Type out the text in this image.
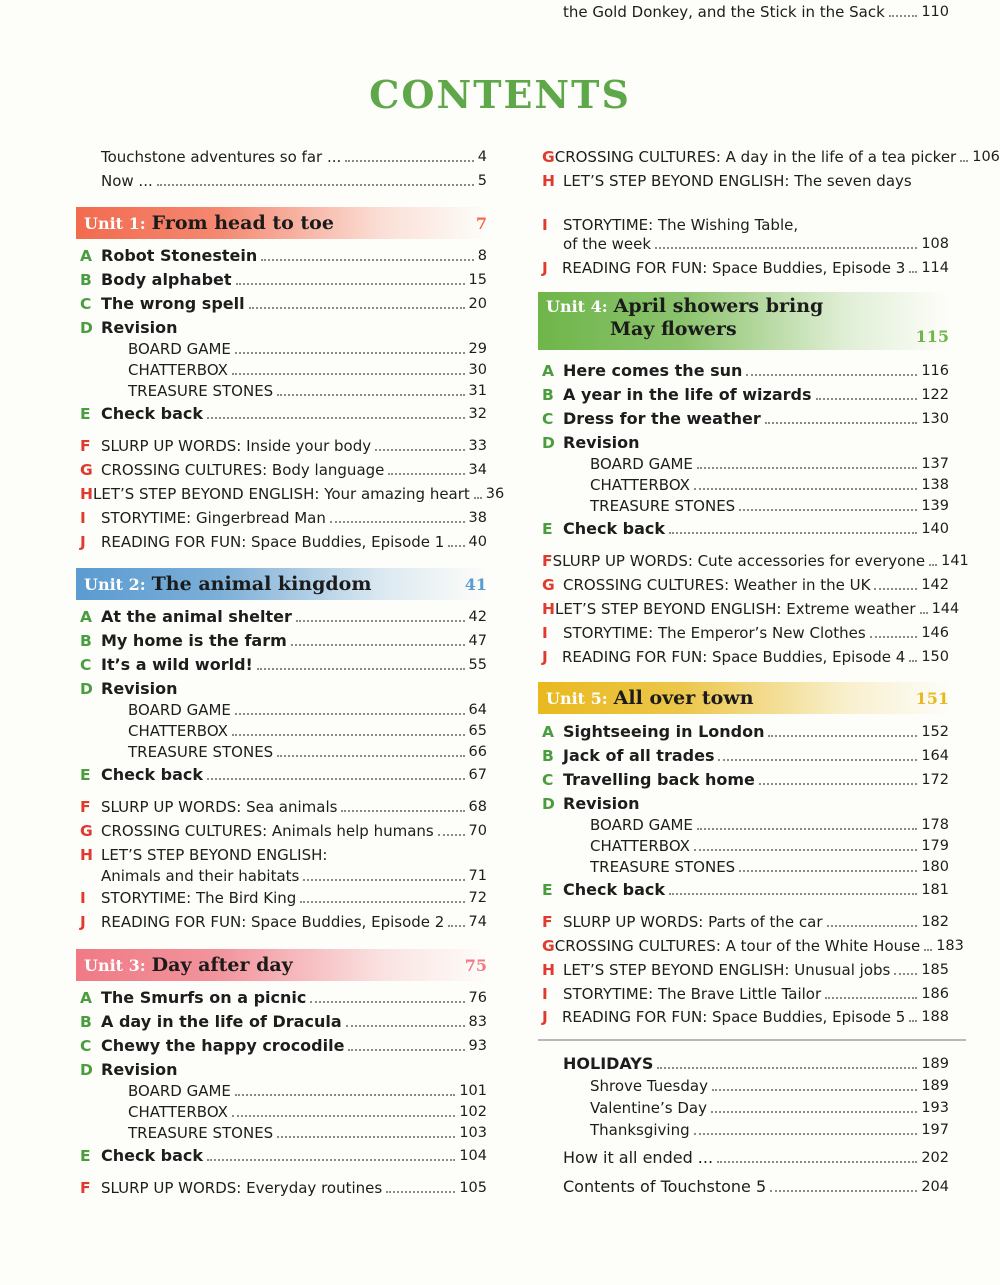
CONTENTS
Touchstone adventures so far ...	4
Now ...	5
Unit 1: From head to toe	7
A Robot Stonestein	8
B Body alphabet	15
C The wrong spell	20
D Revision
BOARD GAME	29
CHATTERBOX	30
TREASURE STONES	31
E Check back	32
F SLURP UP WORDS: Inside your body	33
G CROSSING CULTURES: Body language	34
H LET’S STEP BEYOND ENGLISH: Your amazing heart 36
I	STORYTIME: Gingerbread Man	38
J	READING FOR FUN: Space Buddies, Episode 1 40
Unit 2: The animal kingdom	41
A At the animal shelter	42
B My home is the farm	47
C It’s a wild world!	55
D Revision
BOARD GAME	64
CHATTERBOX	65
TREASURE STONES	66
E Check back	67
F SLURP UP WORDS: Sea animals	68
G CROSSING CULTURES: Animals help humans 70
H LET’S STEP BEYOND ENGLISH:
Animals and their habitats	71
I	STORYTIME: The Bird King	72
J	READING FOR FUN: Space Buddies, Episode 2 74
Unit 3: Day after day	75
A The Smurfs on a picnic	76
B A day in the life of Dracula	83
C Chewy the happy crocodile	93
D Revision
BOARD GAME	101
CHATTERBOX	102
TREASURE STONES	103
E Check back	104
F SLURP UP WORDS: Everyday routines	105
G CROSSING CULTURES: A day in the life of a tea picker 106
H LET’S STEP BEYOND ENGLISH: The seven days
of the week	108
I	STORYTIME: The Wishing Table,
the Gold Donkey, and the Stick in the Sack	110
J READING FOR FUN: Space Buddies, Episode 3 114
Unit 4: April showers bring
May flowers	115
A Here comes the sun	116
B A year in the life of wizards	122
C Dress for the weather	130
D Revision
BOARD GAME	137
CHATTERBOX	138
TREASURE STONES	139
E Check back	140
F SLURP UP WORDS: Cute accessories for everyone 141
G CROSSING CULTURES: Weather in the UK	142
H LET’S STEP BEYOND ENGLISH: Extreme weather 144
I	STORYTIME: The Emperor’s New Clothes	146
J READING FOR FUN: Space Buddies, Episode 4 150
Unit 5: All over town	151
A Sightseeing in London	152
B Jack of all trades	164
C Travelling back home	172
D Revision
BOARD GAME	178
CHATTERBOX	179
TREASURE STONES	180
E Check back	181
F SLURP UP WORDS: Parts of the car	182
G CROSSING CULTURES: A tour of the White House 183
H LET’S STEP BEYOND ENGLISH: Unusual jobs 185
I	STORYTIME: The Brave Little Tailor	186
J READING FOR FUN: Space Buddies, Episode 5 188
HOLIDAYS	189
Shrove Tuesday	189
Valentine’s Day	193
Thanksgiving	197
How it all ended ...	202
Contents of Touchstone 5	204
